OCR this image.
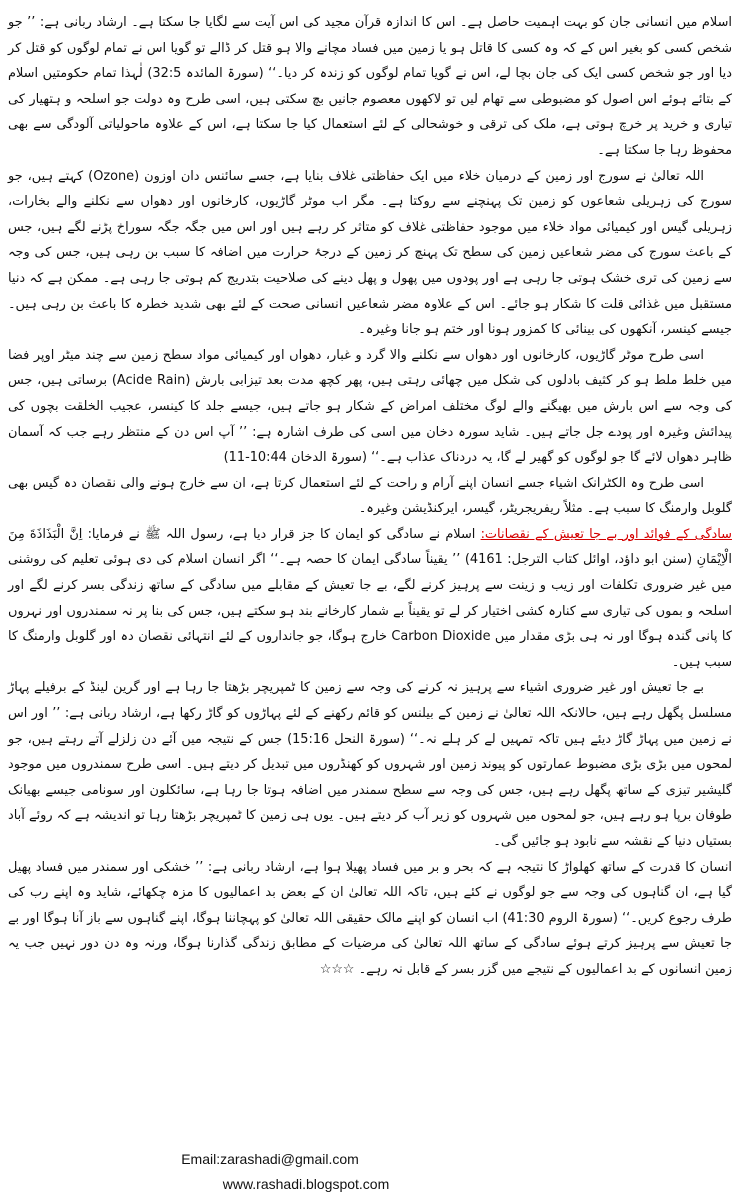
اسلام میں انسانی جان کو بہت اہمیت حاصل ہے۔ اس کا اندازہ قرآن مجید کی اس آیت سے لگایا جا سکتا ہے۔ ارشاد ربانی ہے: ’’ جو شخص کسی کو بغیر اس کے کہ وہ کسی کا قاتل ہو یا زمین میں فساد مچانے والا ہو قتل کر ڈالے تو گویا اس نے تمام لوگوں کو قتل کر دیا اور جو شخص کسی ایک کی جان بچا لے، اس نے گویا تمام لوگوں کو زندہ کر دیا۔‘‘ (سورۃ المائدہ 32:5) لٰہذا تمام حکومتیں اسلام کے بتائے ہوئے اس اصول کو مضبوطی سے تھام لیں تو لاکھوں معصوم جانیں بچ سکتی ہیں، اسی طرح وہ دولت جو اسلحہ و ہتھیار کی تیاری و خرید پر خرچ ہوتی ہے، ملک کی ترقی و خوشحالی کے لئے استعمال کیا جا سکتا ہے، اس کے علاوہ ماحولیاتی آلودگی سے بھی محفوظ رہا جا سکتا ہے۔

اللہ تعالیٰ نے سورج اور زمین کے درمیان خلاء میں ایک حفاظتی غلاف بنایا ہے، جسے سائنس دان اوزون (Ozone) کہتے ہیں، جو سورج کی زہریلی شعاعوں کو زمین تک پہنچنے سے روکتا ہے۔ مگر اب موٹر گاڑیوں، کارخانوں اور دھواں سے نکلنے والے بخارات، زہریلی گیس اور کیمیائی مواد خلاء میں موجود حفاظتی غلاف کو متاثر کر رہے ہیں اور اس میں جگہ جگہ سوراخ پڑنے لگے ہیں، جس کے باعث سورج کی مضر شعاعیں زمین کی سطح تک پہنچ کر زمین کے درجۂ حرارت میں اضافہ کا سبب بن رہی ہیں، جس کی وجہ سے زمین کی تری خشک ہوتی جا رہی ہے اور پودوں میں پھول و پھل دینے کی صلاحیت بتدریج کم ہوتی جا رہی ہے۔ ممکن ہے کہ دنیا مستقبل میں غذائی قلت کا شکار ہو جائے۔ اس کے علاوہ مضر شعاعیں انسانی صحت کے لئے بھی شدید خطرہ کا باعث بن رہی ہیں۔ جیسے کینسر، آنکھوں کی بینائی کا کمزور ہونا اور ختم ہو جانا وغیرہ۔

اسی طرح موٹر گاڑیوں، کارخانوں اور دھواں سے نکلنے والا گرد و غبار، دھواں اور کیمیائی مواد سطح زمین سے چند میٹر اوپر فضا میں خلط ملط ہو کر کثیف بادلوں کی شکل میں چھائی رہتی ہیں، پھر کچھ مدت بعد تیزابی بارش (Acide Rain) برساتی ہیں، جس کی وجہ سے اس بارش میں بھیگنے والے لوگ مختلف امراض کے شکار ہو جاتے ہیں، جیسے جلد کا کینسر، عجیب الخلقت بچوں کی پیدائش وغیرہ اور پودے جل جاتے ہیں۔ شاید سورہ دخان میں اسی کی طرف اشارہ ہے: ’’ آپ اس دن کے منتظر رہے جب کہ آسمان ظاہر دھواں لائے گا جو لوگوں کو گھیر لے گا، یہ دردناک عذاب ہے۔‘‘ (سورۃ الدخان 10:44-11)

اسی طرح وہ الکٹرانک اشیاء جسے انسان اپنے آرام و راحت کے لئے استعمال کرتا ہے، ان سے خارج ہونے والی نقصان دہ گیس بھی گلوبل وارمنگ کا سبب ہے۔ مثلاً ریفریجریٹر، گیسر، ایرکنڈیشن وغیرہ۔

سادگی کے فوائد اور بے جا تعیش کے نقصانات: اسلام نے سادگی کو ایمان کا جز قرار دیا ہے، رسول اللہ ﷺ نے فرمایا: اِنَّ الْبَذَاذَةَ مِنَ الْاِيْمَانِ (سنن ابو داؤد، اوائل کتاب الترجل: 4161) ’’ یقیناً سادگی ایمان کا حصہ ہے۔‘‘ اگر انسان اسلام کی دی ہوئی تعلیم کی روشنی میں غیر ضروری تکلفات اور زیب و زینت سے پرہیز کرنے لگے، بے جا تعیش کے مقابلے میں سادگی کے ساتھ زندگی بسر کرنے لگے اور اسلحہ و بموں کی تیاری سے کنارہ کشی اختیار کر لے تو یقیناً بے شمار کارخانے بند ہو سکتے ہیں، جس کی بنا پر نہ سمندروں اور نہروں کا پانی گندہ ہوگا اور نہ ہی بڑی مقدار میں Carbon Dioxide خارج ہوگا، جو جانداروں کے لئے انتہائی نقصان دہ اور گلوبل وارمنگ کا سبب ہیں۔

بے جا تعیش اور غیر ضروری اشیاء سے پرہیز نہ کرنے کی وجہ سے زمین کا ٹمپریچر بڑھتا جا رہا ہے اور گرین لینڈ کے برفیلے پہاڑ مسلسل پگھل رہے ہیں، حالانکہ اللہ تعالیٰ نے زمین کے بیلنس کو قائم رکھنے کے لئے پہاڑوں کو گاڑ رکھا ہے، ارشاد ربانی ہے: ’’ اور اس نے زمین میں پہاڑ گاڑ دیئے ہیں تاکہ تمہیں لے کر ہلے نہ۔‘‘ (سورۃ النحل 15:16) جس کے نتیجہ میں آئے دن زلزلے آتے رہتے ہیں، جو لمحوں میں بڑی بڑی مضبوط عمارتوں کو پیوند زمین اور شہروں کو کھنڈروں میں تبدیل کر دیتے ہیں۔ اسی طرح سمندروں میں موجود گلیشیر تیزی کے ساتھ پگھل رہے ہیں، جس کی وجہ سے سطح سمندر میں اضافہ ہوتا جا رہا ہے، سائکلون اور سونامی جیسے بھیانک طوفان برپا ہو رہے ہیں، جو لمحوں میں شہروں کو زیر آب کر دیتے ہیں۔ یوں ہی زمین کا ٹمپریچر بڑھتا رہا تو اندیشہ ہے کہ روئے آباد بستیاں دنیا کے نقشہ سے نابود ہو جائیں گی۔

انسان کا قدرت کے ساتھ کھلواڑ کا نتیجہ ہے کہ بحر و بر میں فساد پھیلا ہوا ہے، ارشاد ربانی ہے: ’’ خشکی اور سمندر میں فساد پھیل گیا ہے، ان گناہوں کی وجہ سے جو لوگوں نے کئے ہیں، تاکہ اللہ تعالیٰ ان کے بعض بد اعمالیوں کا مزہ چکھائے، شاید وہ اپنے رب کی طرف رجوع کریں۔‘‘ (سورۃ الروم 41:30) اب انسان کو اپنے مالک حقیقی اللہ تعالیٰ کو پہچاننا ہوگا، اپنے گناہوں سے باز آنا ہوگا اور بے جا تعیش سے پرہیز کرتے ہوئے سادگی کے ساتھ اللہ تعالیٰ کی مرضیات کے مطابق زندگی گذارنا ہوگا، ورنہ وہ دن دور نہیں جب یہ زمین انسانوں کے بد اعمالیوں کے نتیجے میں گزر بسر کے قابل نہ رہے۔ ☆☆☆

Email:zarashadi@gmail.com
www.rashadi.blogspot.com
